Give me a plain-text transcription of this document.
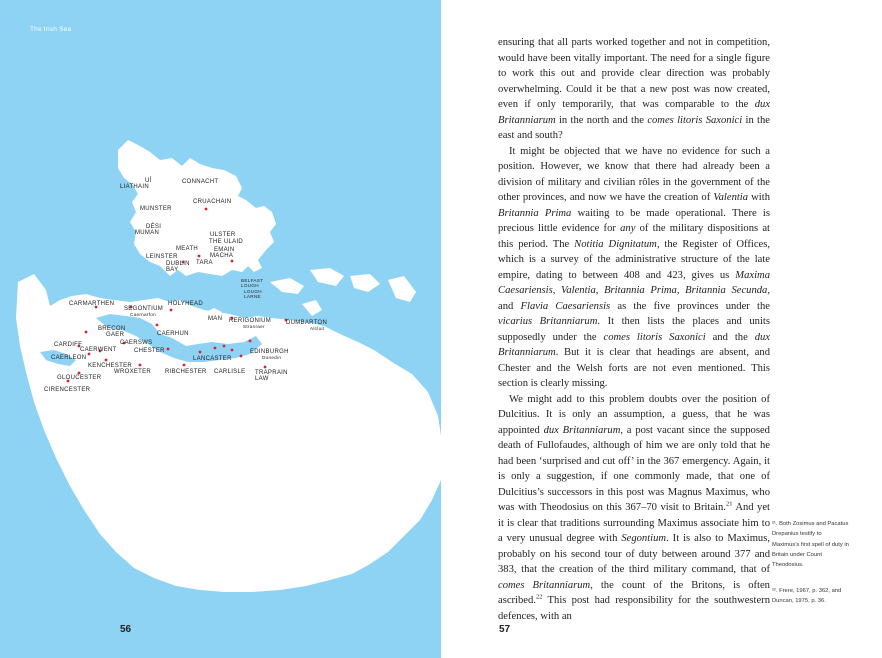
The Irish Sea
UÍ
LIATHAIN
CONNACHT
CRUACHAIN
MUNSTER
DÉSI
MUMAN	ULSTER
THE ULAID
MEATH	EMAIN
MACHA
LEINSTER
TARA
DUBLIN
BAY
BELFAST
LOUGH
LOUGH
LARNE
CARMARTHEN
SEGONTIUM
Caernarfon
HOLYHEAD
MAN RERIGONIUM
Stranraer
DUMBARTON
Alcluit
BRECON
GAER	CAERHUN
CARDIFF	CAERSWS
CAERWENT	CHESTER
CAERLEON
KENCHESTER
LANCASTER
EDINBURGH
Dunedin
GLOUCESTER
WROXETER RIBCHESTER CARLISLE TRAPRAIN
LAW
CIRENCESTER
56

ensuring that all parts worked together and not in competition, would have been vitally important. The need for a single figure to work this out and provide clear direction was probably overwhelming. Could it be that a new post was now created, even if only temporarily, that was comparable to the dux Britanniarum in the north and the comes litoris Saxonici in the east and south?

It might be objected that we have no evidence for such a position. However, we know that there had already been a division of military and civilian rôles in the government of the other provinces, and now we have the creation of Valentia with Britannia Prima waiting to be made operational. There is precious little evidence for any of the military dispositions at this period. The Notitia Dignitatum, the Register of Offices, which is a survey of the administrative structure of the late empire, dating to between 408 and 423, gives us Maxima Caesariensis, Valentia, Britannia Prima, Britannia Secunda, and Flavia Caesariensis as the five provinces under the vicarius Britanniarum. It then lists the places and units supposedly under the comes litoris Saxonici and the dux Britanniarum. But it is clear that headings are absent, and Chester and the Welsh forts are not even mentioned. This section is clearly missing.

We might add to this problem doubts over the position of Dulcitius. It is only an assumption, a guess, that he was appointed dux Britanniarum, a post vacant since the supposed death of Fullofaudes, although of him we are only told that he had been ‘surprised and cut off’ in the 367 emergency. Again, it is only a suggestion, if one commonly made, that one of Dulcitius’s successors in this post was Magnus Maximus, who was with Theodosius on this 367–70 visit to Britain.$^{21}$ And yet it is clear that traditions surrounding Maximus associate him to a very unusual degree with Segontium. It is also to Maximus, probably on his second tour of duty between around 377 and 383, that the creation of the third military command, that of comes Britanniarum, the count of the Britons, is often ascribed.$^{22}$ This post had responsibility for the southwestern defences, with an

²¹. Both Zosimus and Pacatus Drepanius testify to Maximus’s first spell of duty in Britain under Count Theodosius.
²². Frere, 1967, p. 362, and Duncan, 1975, p. 36.
57
